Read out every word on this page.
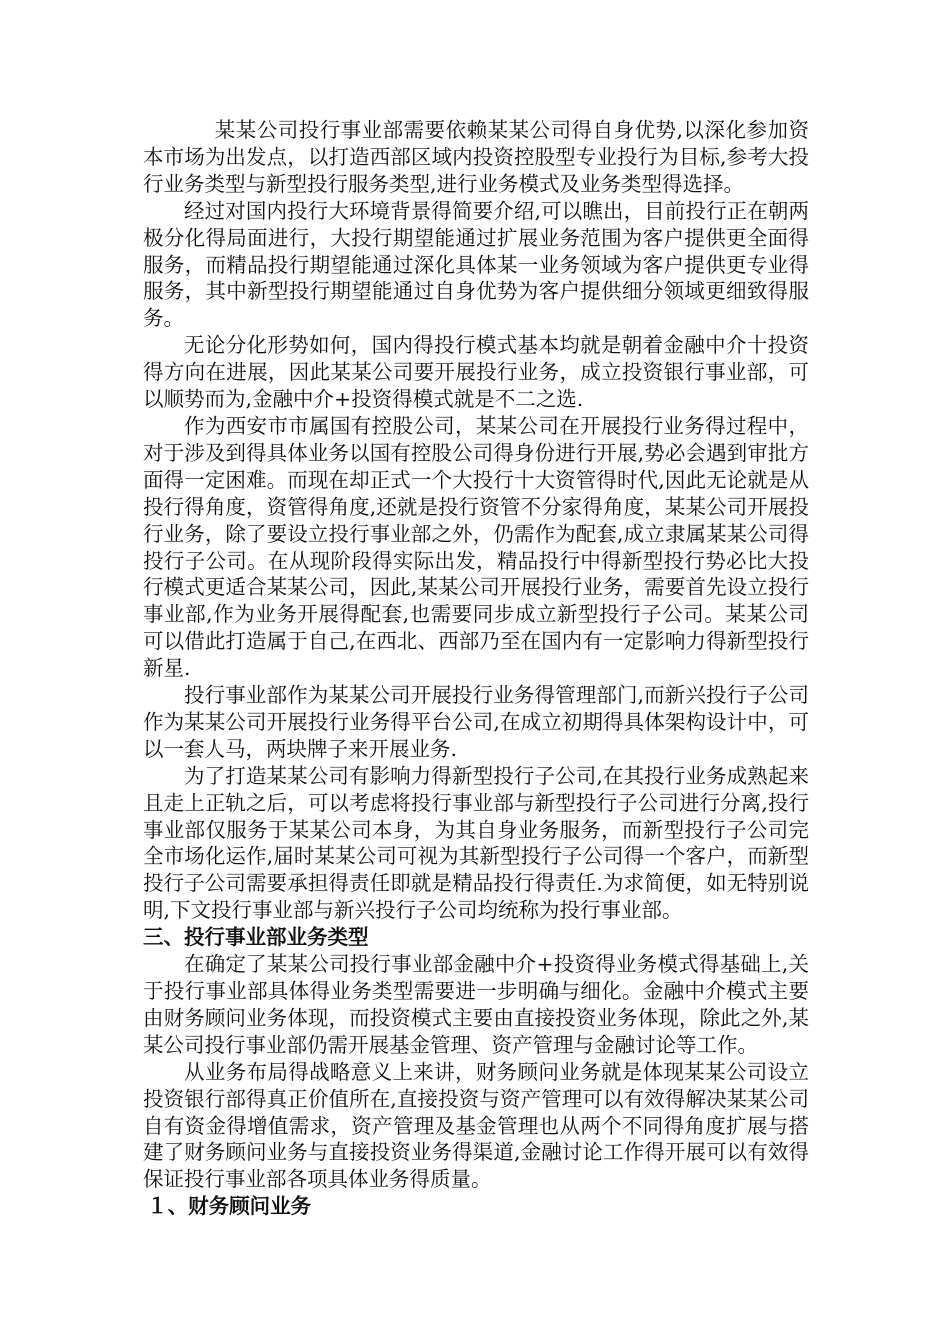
某某公司投行事业部需要依赖某某公司得自身优势,以深化参加资本市场为出发点，以打造西部区域内投资控股型专业投行为目标,参考大投行业务类型与新型投行服务类型,进行业务模式及业务类型得选择。

经过对国内投行大环境背景得简要介绍,可以瞧出，目前投行正在朝两极分化得局面进行，大投行期望能通过扩展业务范围为客户提供更全面得服务，而精品投行期望能通过深化具体某一业务领域为客户提供更专业得服务，其中新型投行期望能通过自身优势为客户提供细分领域更细致得服务。

无论分化形势如何，国内得投行模式基本均就是朝着金融中介十投资得方向在进展，因此某某公司要开展投行业务，成立投资银行事业部，可以顺势而为,金融中介+投资得模式就是不二之选.

作为西安市市属国有控股公司，某某公司在开展投行业务得过程中，对于涉及到得具体业务以国有控股公司得身份进行开展,势必会遇到审批方面得一定困难。而现在却正式一个大投行十大资管得时代,因此无论就是从投行得角度，资管得角度,还就是投行资管不分家得角度，某某公司开展投行业务，除了要设立投行事业部之外，仍需作为配套,成立隶属某某公司得投行子公司。在从现阶段得实际出发，精品投行中得新型投行势必比大投行模式更适合某某公司，因此,某某公司开展投行业务，需要首先设立投行事业部,作为业务开展得配套,也需要同步成立新型投行子公司。某某公司可以借此打造属于自己,在西北、西部乃至在国内有一定影响力得新型投行新星.

投行事业部作为某某公司开展投行业务得管理部门,而新兴投行子公司作为某某公司开展投行业务得平台公司,在成立初期得具体架构设计中，可以一套人马，两块牌子来开展业务.

为了打造某某公司有影响力得新型投行子公司,在其投行业务成熟起来且走上正轨之后，可以考虑将投行事业部与新型投行子公司进行分离,投行事业部仅服务于某某公司本身，为其自身业务服务，而新型投行子公司完全市场化运作,届时某某公司可视为其新型投行子公司得一个客户，而新型投行子公司需要承担得责任即就是精品投行得责任.为求简便，如无特别说明,下文投行事业部与新兴投行子公司均统称为投行事业部。

三、投行事业部业务类型

在确定了某某公司投行事业部金融中介+投资得业务模式得基础上,关于投行事业部具体得业务类型需要进一步明确与细化。金融中介模式主要由财务顾问业务体现，而投资模式主要由直接投资业务体现，除此之外,某某公司投行事业部仍需开展基金管理、资产管理与金融讨论等工作。

从业务布局得战略意义上来讲，财务顾问业务就是体现某某公司设立投资银行部得真正价值所在,直接投资与资产管理可以有效得解决某某公司自有资金得增值需求，资产管理及基金管理也从两个不同得角度扩展与搭建了财务顾问业务与直接投资业务得渠道,金融讨论工作得开展可以有效得保证投行事业部各项具体业务得质量。

１、财务顾问业务
